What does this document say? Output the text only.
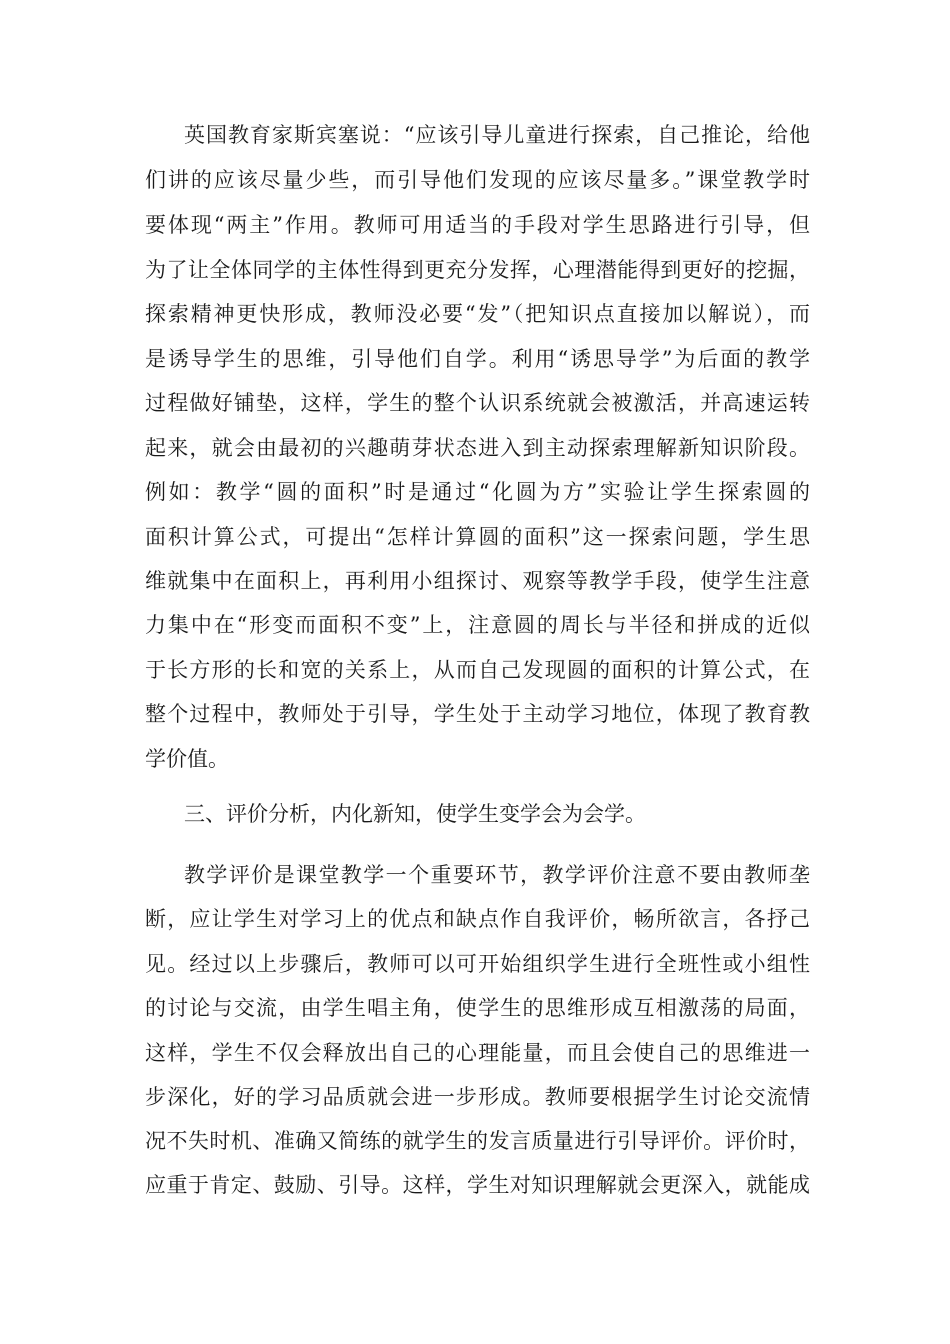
英国教育家斯宾塞说：“应该引导儿童进行探索，自己推论，给他
们讲的应该尽量少些，而引导他们发现的应该尽量多。”课堂教学时
要体现“两主”作用。教师可用适当的手段对学生思路进行引导，但
为了让全体同学的主体性得到更充分发挥，心理潜能得到更好的挖掘，
探索精神更快形成，教师没必要“发”（把知识点直接加以解说），而
是诱导学生的思维，引导他们自学。利用“诱思导学”为后面的教学
过程做好铺垫，这样，学生的整个认识系统就会被激活，并高速运转
起来，就会由最初的兴趣萌芽状态进入到主动探索理解新知识阶段。
例如：教学“圆的面积”时是通过“化圆为方”实验让学生探索圆的
面积计算公式，可提出“怎样计算圆的面积”这一探索问题，学生思
维就集中在面积上，再利用小组探讨、观察等教学手段，使学生注意
力集中在“形变而面积不变”上，注意圆的周长与半径和拼成的近似
于长方形的长和宽的关系上，从而自己发现圆的面积的计算公式，在
整个过程中，教师处于引导，学生处于主动学习地位，体现了教育教
学价值。
三、评价分析，内化新知，使学生变学会为会学。
教学评价是课堂教学一个重要环节，教学评价注意不要由教师垄
断，应让学生对学习上的优点和缺点作自我评价，畅所欲言，各抒己
见。经过以上步骤后，教师可以可开始组织学生进行全班性或小组性
的讨论与交流，由学生唱主角，使学生的思维形成互相激荡的局面，
这样，学生不仅会释放出自己的心理能量，而且会使自己的思维进一
步深化，好的学习品质就会进一步形成。教师要根据学生讨论交流情
况不失时机、准确又简练的就学生的发言质量进行引导评价。评价时，
应重于肯定、鼓励、引导。这样，学生对知识理解就会更深入，就能成
